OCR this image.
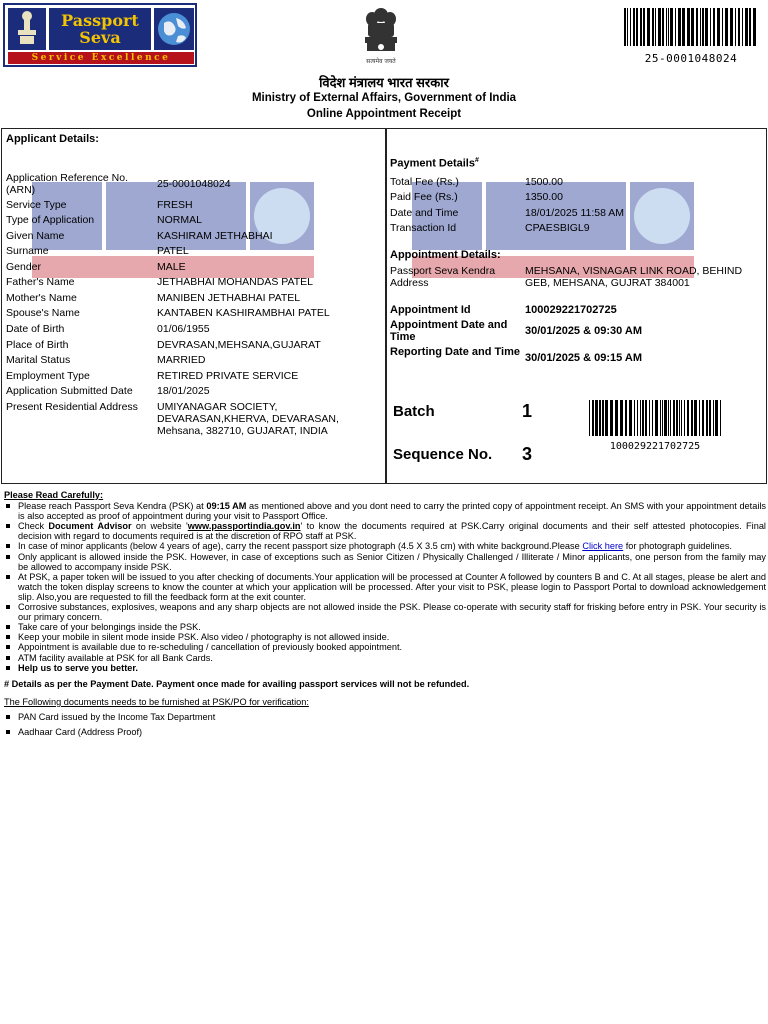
Passport
Seva
Service Excellence	सत्यमेव जयते	25-0001048024
विदेश मंत्रालय भारत सरकार
Ministry of External Affairs, Government of India
Online Appointment Receipt
Applicant Details:
Application Reference No. (ARN)	25-0001048024
Service Type	FRESH
Type of Application	NORMAL
Given Name	KASHIRAM JETHABHAI
Surname	PATEL
Gender	MALE
Father's Name	JETHABHAI MOHANDAS PATEL
Mother's Name	MANIBEN JETHABHAI PATEL
Spouse's Name	KANTABEN KASHIRAMBHAI PATEL
Date of Birth	01/06/1955
Place of Birth	DEVRASAN,MEHSANA,GUJARAT
Marital Status	MARRIED
Employment Type	RETIRED PRIVATE SERVICE
Application Submitted Date	18/01/2025
Present Residential Address	UMIYANAGAR SOCIETY, DEVARASAN,KHERVA, DEVARASAN, Mehsana, 382710, GUJARAT, INDIA
Payment Details#
Total Fee (Rs.)	1500.00
Paid Fee (Rs.)	1350.00
Date and Time	18/01/2025 11:58 AM
Transaction Id	CPAESBIGL9
Appointment Details:
Passport Seva Kendra Address
MEHSANA, VISNAGAR LINK ROAD, BEHIND GEB, MEHSANA, GUJRAT 384001
Appointment Id	100029221702725
Appointment Date and Time	30/01/2025 & 09:30 AM
Reporting Date and Time 30/01/2025 & 09:15 AM
Batch	1
Sequence No. 3	100029221702725
Please Read Carefully:
Please reach Passport Seva Kendra (PSK) at 09:15 AM as mentioned above and you dont need to carry the printed copy of appointment receipt. An SMS with your appointment details is also accepted as proof of appointment during your visit to Passport Office.
Check Document Advisor on website 'www.passportindia.gov.in' to know the documents required at PSK.Carry original documents and their self attested photocopies. Final decision with regard to documents required is at the discretion of RPO staff at PSK.
In case of minor applicants (below 4 years of age), carry the recent passport size photograph (4.5 X 3.5 cm) with white background.Please Click here for photograph guidelines.
Only applicant is allowed inside the PSK. However, in case of exceptions such as Senior Citizen / Physically Challenged / Illiterate / Minor applicants, one person from the family may be allowed to accompany inside PSK.
At PSK, a paper token will be issued to you after checking of documents.Your application will be processed at Counter A followed by counters B and C. At all stages, please be alert and watch the token display screens to know the counter at which your application will be processed. After your visit to PSK, please login to Passport Portal to download acknowledgement slip. Also,you are requested to fill the feedback form at the exit counter.
Corrosive substances, explosives, weapons and any sharp objects are not allowed inside the PSK. Please co-operate with security staff for frisking before entry in PSK. Your security is our primary concern.
Take care of your belongings inside the PSK.
Keep your mobile in silent mode inside PSK. Also video / photography is not allowed inside.
Appointment is available due to re-scheduling / cancellation of previously booked appointment.
ATM facility available at PSK for all Bank Cards.
Help us to serve you better.
# Details as per the Payment Date. Payment once made for availing passport services will not be refunded.
The Following documents needs to be furnished at PSK/PO for verification:
PAN Card issued by the Income Tax Department
Aadhaar Card (Address Proof)
